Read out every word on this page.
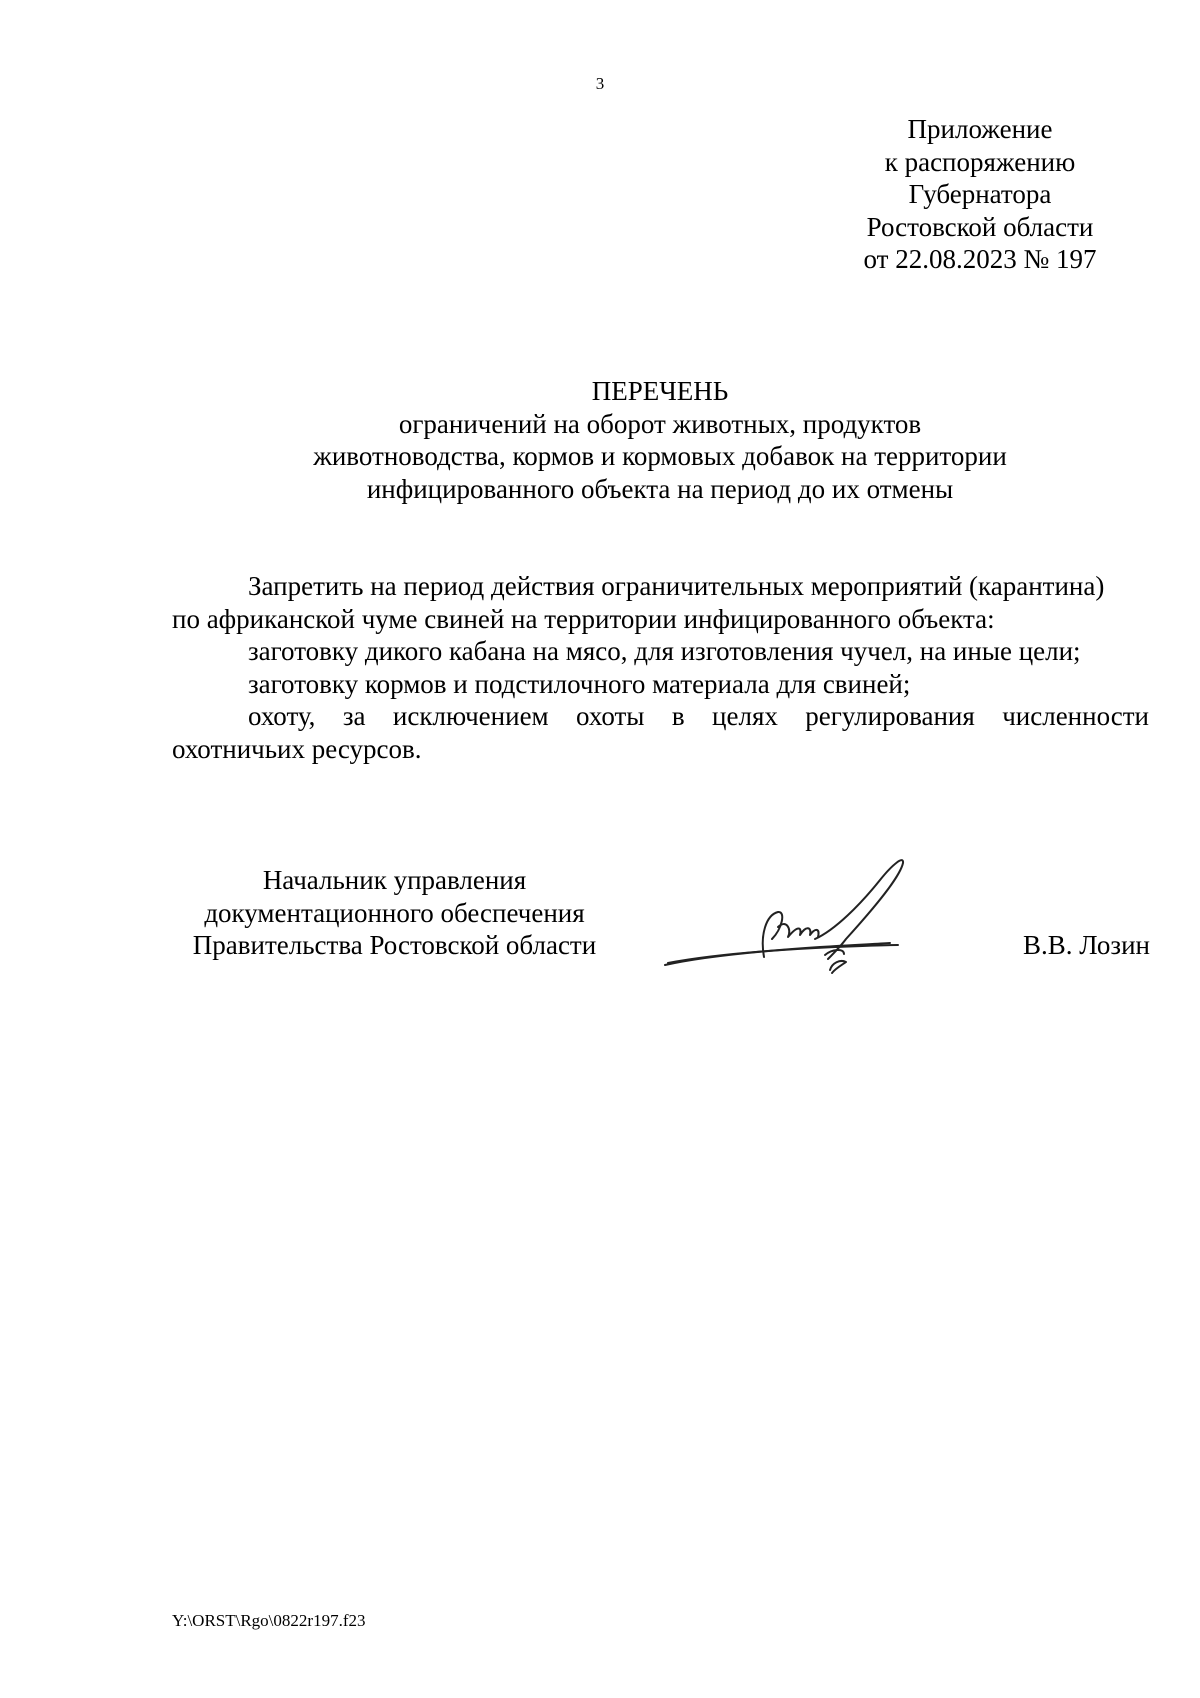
3
Приложение
к распоряжению
Губернатора
Ростовской области
от 22.08.2023 № 197
ПЕРЕЧЕНЬ
ограничений на оборот животных, продуктов
животноводства, кормов и кормовых добавок на территории
инфицированного объекта на период до их отмены
Запретить на период действия ограничительных мероприятий (карантина)
по африканской чуме свиней на территории инфицированного объекта:
заготовку дикого кабана на мясо, для изготовления чучел, на иные цели;
заготовку кормов и подстилочного материала для свиней;
охоту, за исключением охоты в целях регулирования численности
охотничьих ресурсов.
Начальник управления
документационного обеспечения
Правительства Ростовской области	В.В. Лозин
Y:\ORST\Rgo\0822r197.f23
